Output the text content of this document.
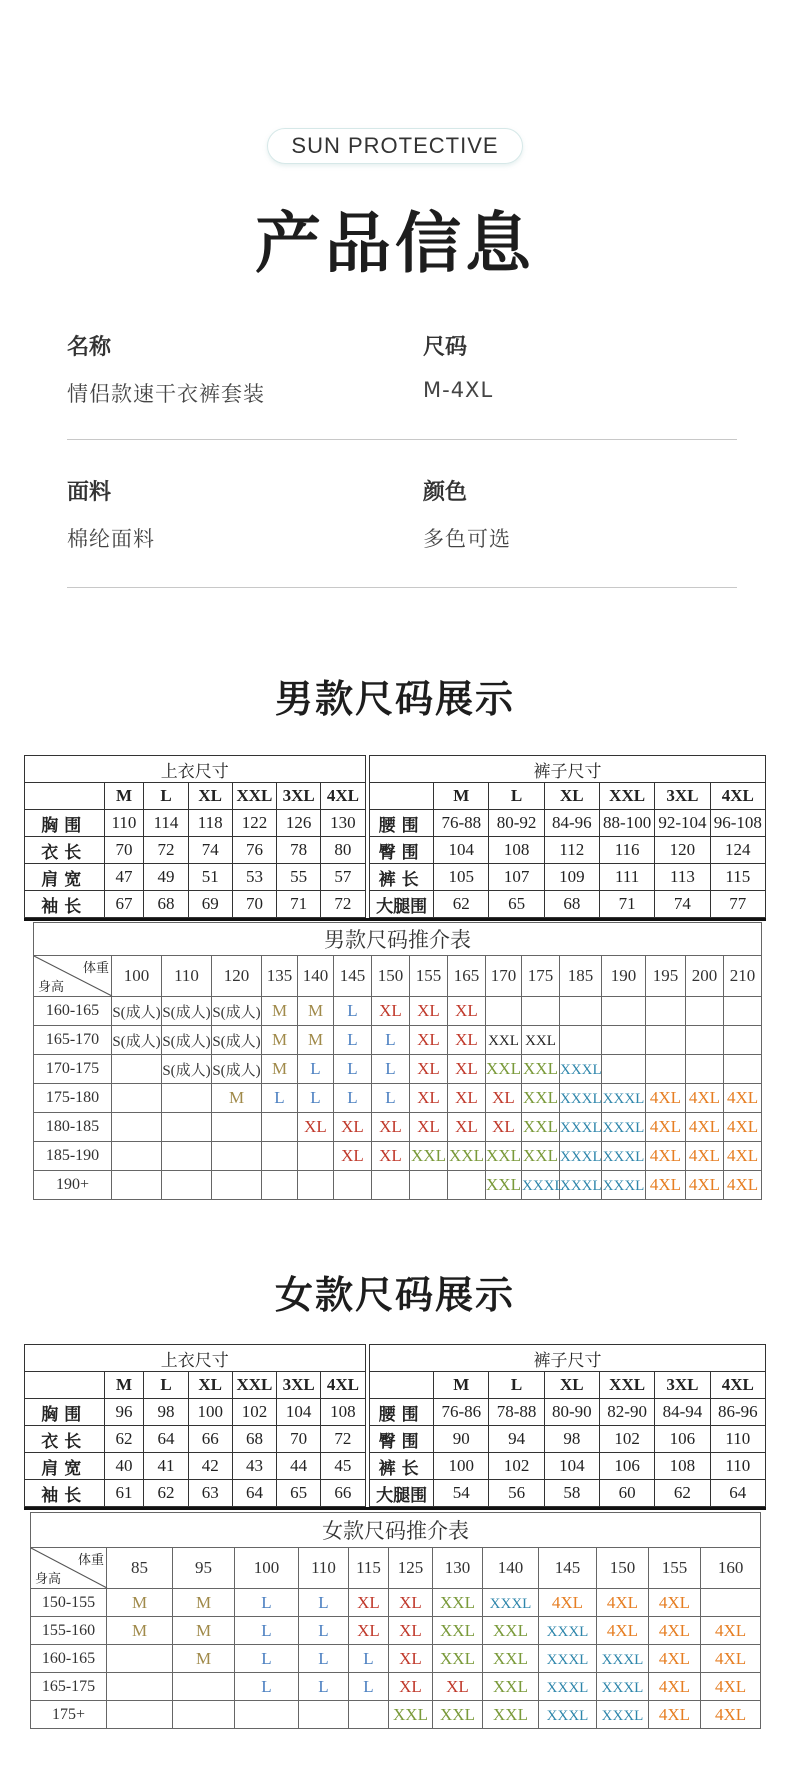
SUN PROTECTIVE
产品信息
名称
情侣款速干衣裤套装
尺码
M-4XL
面料
棉纶面料
颜色
多色可选
男款尺码展示
上衣尺寸								裤子尺寸						
	M	L	XL	XXL	3XL	4XL			M	L	XL	XXL	3XL	4XL
胸围	110	114	118	122	126	130		腰围	76-88	80-92	84-96	88-100	92-104	96-108
衣长	70	72	74	76	78	80		臀围	104	108	112	116	120	124
肩宽	47	49	51	53	55	57		裤长	105	107	109	111	113	115
袖长	67	68	69	70	71	72		大腿围	62	65	68	71	74	77
男款尺码推介表																

体重
身高	100	110	120	135	140	145	150	155	165	170	175	185	190	195	200	210
160-165	S(成人)	S(成人)	S(成人)	M	M	L	XL	XL	XL							
165-170	S(成人)	S(成人)	S(成人)	M	M	L	L	XL	XL	XXL	XXL					
170-175		S(成人)	S(成人)	M	L	L	L	XL	XL	XXL	XXL	XXXL				
175-180			M	L	L	L	L	XL	XL	XL	XXL	XXXL	XXXL	4XL	4XL	4XL
180-185					XL	XL	XL	XL	XL	XL	XXL	XXXL	XXXL	4XL	4XL	4XL
185-190						XL	XL	XXL	XXL	XXL	XXL	XXXL	XXXL	4XL	4XL	4XL
190+										XXL	XXXL	XXXL	XXXL	4XL	4XL	4XL
女款尺码展示
上衣尺寸								裤子尺寸						
	M	L	XL	XXL	3XL	4XL			M	L	XL	XXL	3XL	4XL
胸围	96	98	100	102	104	108		腰围	76-86	78-88	80-90	82-90	84-94	86-96
衣长	62	64	66	68	70	72		臀围	90	94	98	102	106	110
肩宽	40	41	42	43	44	45		裤长	100	102	104	106	108	110
袖长	61	62	63	64	65	66		大腿围	54	56	58	60	62	64
女款尺码推介表												

体重
身高	85	95	100	110	115	125	130	140	145	150	155	160
150-155	M	M	L	L	XL	XL	XXL	XXXL	4XL	4XL	4XL	
155-160	M	M	L	L	XL	XL	XXL	XXL	XXXL	4XL	4XL	4XL
160-165		M	L	L	L	XL	XXL	XXL	XXXL	XXXL	4XL	4XL
165-175			L	L	L	XL	XL	XXL	XXXL	XXXL	4XL	4XL
175+						XXL	XXL	XXL	XXXL	XXXL	4XL	4XL
